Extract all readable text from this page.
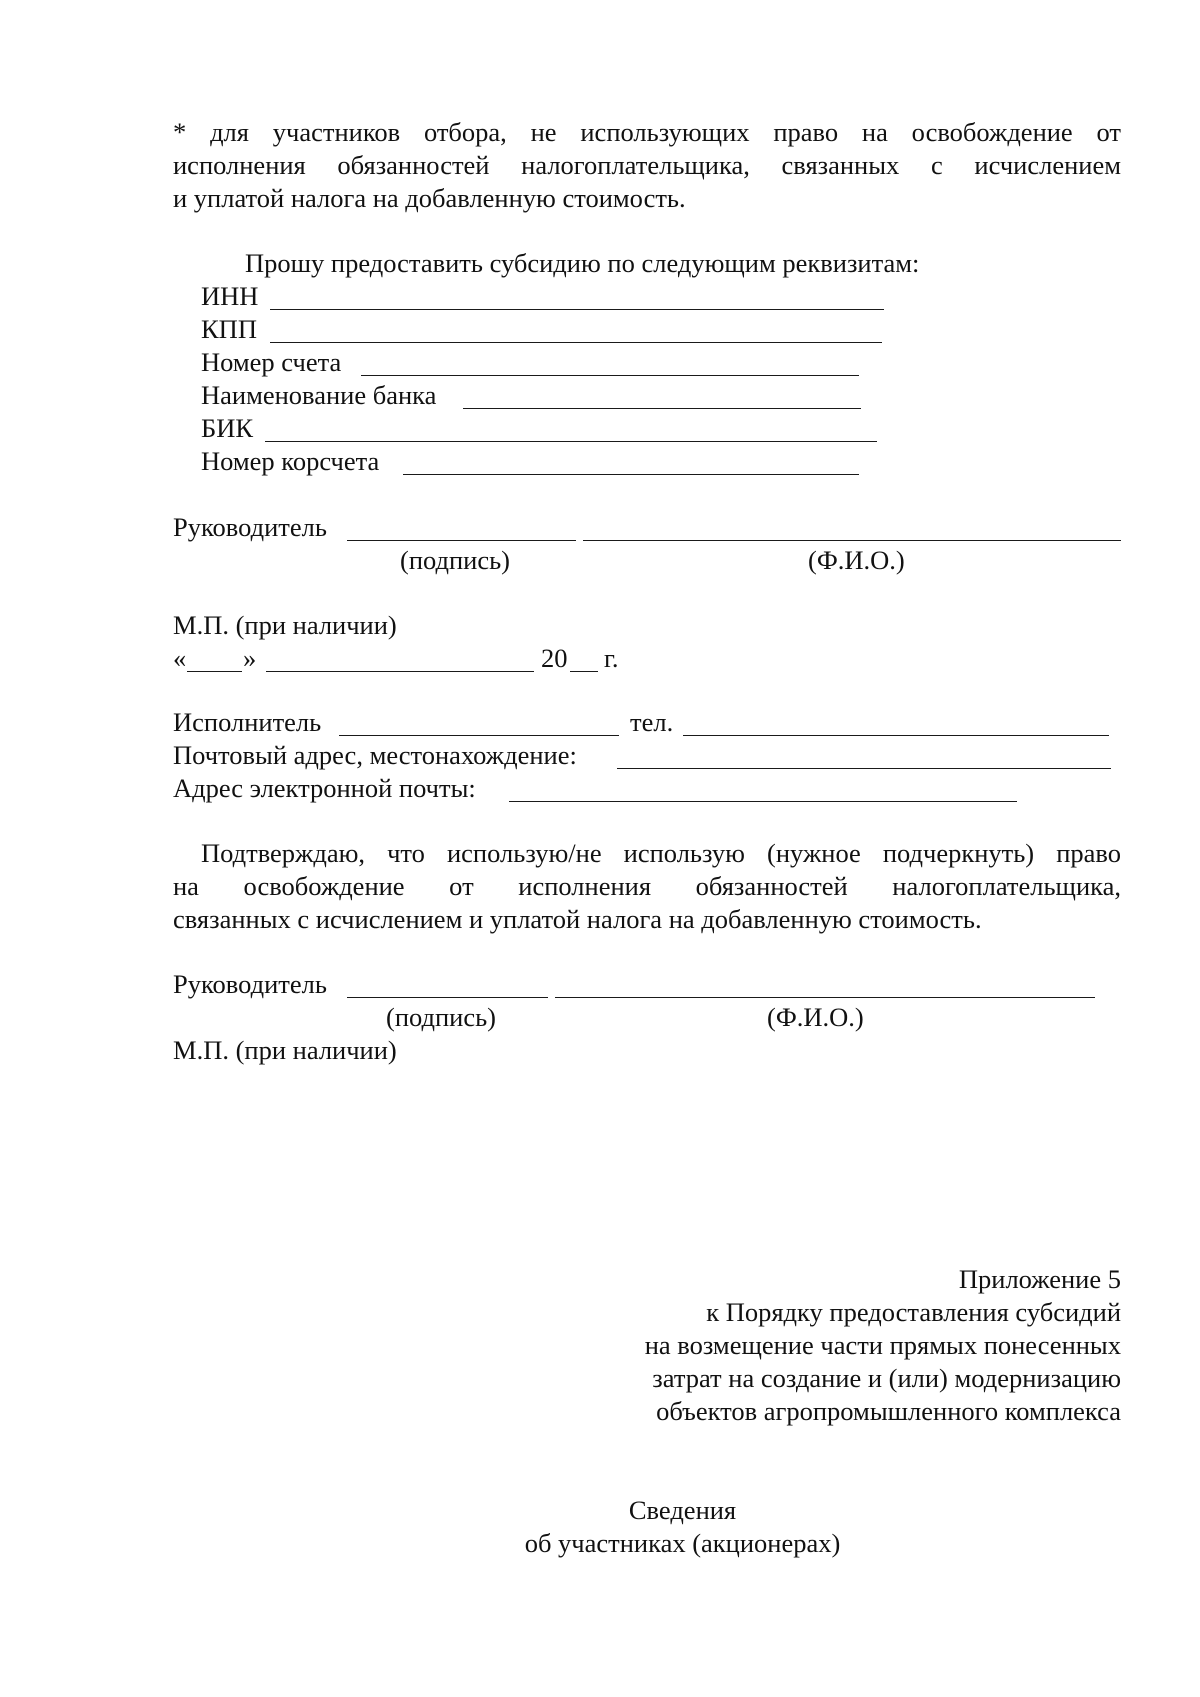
* для участников отбора, не использующих право на освобождение от
исполнения обязанностей налогоплательщика, связанных с исчислением
и уплатой налога на добавленную стоимость.
Прошу предоставить субсидию по следующим реквизитам:
ИНН
КПП
Номер счета
Наименование банка
БИК
Номер корсчета
Руководитель
(подпись)	(Ф.И.О.)
М.П. (при наличии)
« »	20 г.
Исполнитель	тел.
Почтовый адрес, местонахождение:
Адрес электронной почты:
Подтверждаю, что использую/не использую (нужное подчеркнуть) право
на освобождение от исполнения обязанностей налогоплательщика,
связанных с исчислением и уплатой налога на добавленную стоимость.
Руководитель
(подпись)	(Ф.И.О.)
М.П. (при наличии)
Приложение 5
к Порядку предоставления субсидий
на возмещение части прямых понесенных
затрат на создание и (или) модернизацию
объектов агропромышленного комплекса
Сведения
об участниках (акционерах)
